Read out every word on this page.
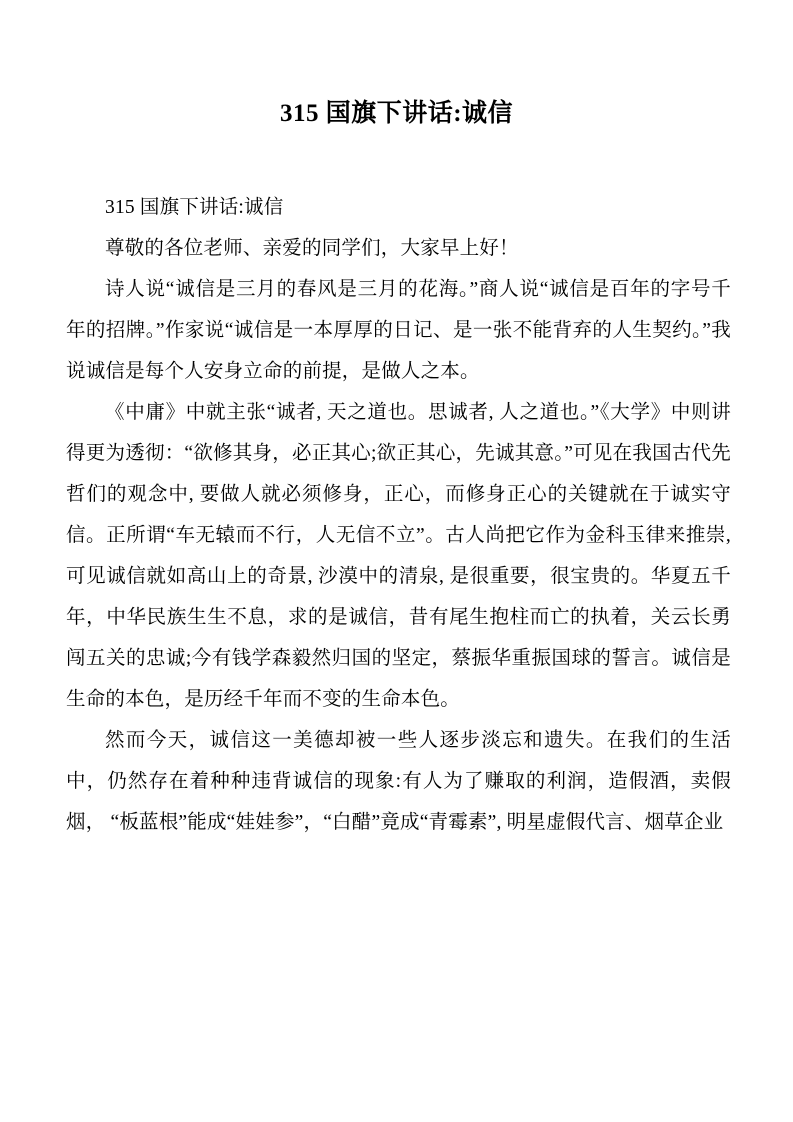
315 国旗下讲话:诚信

315 国旗下讲话:诚信

尊敬的各位老师、亲爱的同学们，大家早上好！

诗人说“诚信是三月的春风是三月的花海。”商人说“诚信是百年的字号千年的招牌。”作家说“诚信是一本厚厚的日记、是一张不能背弃的人生契约。”我说诚信是每个人安身立命的前提，是做人之本。

《中庸》中就主张“诚者, 天之道也。思诚者, 人之道也。”《大学》中则讲得更为透彻：“欲修其身，必正其心;欲正其心，先诚其意。”可见在我国古代先哲们的观念中, 要做人就必须修身，正心，而修身正心的关键就在于诚实守信。正所谓“车无辕而不行，人无信不立”。古人尚把它作为金科玉律来推崇, 可见诚信就如高山上的奇景, 沙漠中的清泉, 是很重要，很宝贵的。华夏五千年，中华民族生生不息，求的是诚信，昔有尾生抱柱而亡的执着，关云长勇闯五关的忠诚;今有钱学森毅然归国的坚定，蔡振华重振国球的誓言。诚信是生命的本色，是历经千年而不变的生命本色。

然而今天，诚信这一美德却被一些人逐步淡忘和遗失。在我们的生活中，仍然存在着种种违背诚信的现象:有人为了赚取的利润，造假酒，卖假烟， “板蓝根”能成“娃娃参”，“白醋”竟成“青霉素”, 明星虚假代言、烟草企业
